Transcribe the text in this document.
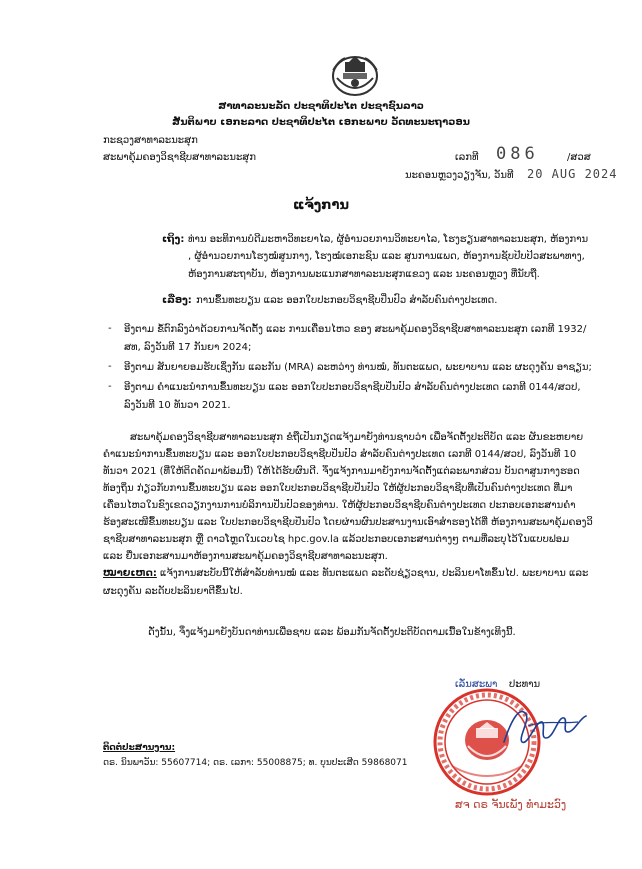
ສາທາລະນະລັດ ປະຊາທິປະໄຕ ປະຊາຊົນລາວ
ສັນຕິພາບ ເອກະລາດ ປະຊາທິປະໄຕ ເອກະພາບ ວັດທະນະຖາວອນ
ກະຊວງສາທາລະນະສຸກ
ສະພາຄຸ້ມຄອງວິຊາຊີບສາທາລະນະສຸກ	ເລກທີ 086	/ສວສ
ນະຄອນຫຼວງວຽງຈັນ, ວັນທີ 20 AUG 2024
ແຈ້ງການ
ເຖິງ: ທ່ານ ອະທິການບໍດີມະຫາວິທະຍາໄລ, ຜູ້ອໍານວຍການວິທະຍາໄລ, ໂຮງຮຽນສາທາລະນະສຸກ, ຫ້ອງການ
, ຜູ້ອໍານວຍການໂຮງໝໍສູນກາງ, ໂຮງໝໍເອກະຊົນ ແລະ ສູນການແພດ, ຫ້ອງການຊັບປີບປິວສະພາທາງ,
ຫ້ອງການສະຖາບັນ, ຫ້ອງການພະແນກສາທາລະນະສຸກແຂວງ ແລະ ນະຄອນຫຼວງ ທີ່ນັບຖື.
ເລື່ອງ: ການຂຶ້ນທະບຽນ ແລະ ອອກໃບປະກອບວິຊາຊີບປິ່ນປົວ ສໍາລັບຄົນຕ່າງປະເທດ.
- ອີງຕາມ ຂໍ້ຕົກລົງວ່າດ້ວຍການຈັດຕັ້ງ ແລະ ການເຄື່ອນໄຫວ ຂອງ ສະພາຄຸ້ມຄອງວິຊາຊີບສາທາລະນະສຸກ ເລກທີ 1932/
ສທ, ລົງວັນທີ 17 ກັນຍາ 2024;
- ອີງຕາມ ສັນຍາຍອມຮັບເຊິ່ງກັນ ແລະກັນ (MRA) ລະຫວ່າງ ທ່ານໝໍ, ທັນຕະແພດ, ພະຍາບານ ແລະ ຜະດຸງຄັນ ອາຊຽນ;
- ອີງຕາມ ຄໍາແນະນໍາການຂຶ້ນທະບຽນ ແລະ ອອກໃບປະກອບວິຊາຊີບປິ່ນປົວ ສໍາລັບຄົນຕ່າງປະເທດ ເລກທີ 0144/ສວປ,
ລົງວັນທີ 10 ທັນວາ 2021.
ສະພາຄຸ້ມຄອງວິຊາຊີບສາທາລະນະສຸກ ຂໍຖືເປັນກຽດແຈ້ງມາຍັງທ່ານຊາບວ່າ ເພື່ອຈັດຕັ້ງປະຕິບັດ ແລະ ຜັນຂະຫຍາຍ
ຄໍາແນະນໍາການຂຶ້ນທະບຽນ ແລະ ອອກໃບປະກອບວິຊາຊີບປິ່ນປົວ ສໍາລັບຄົນຕ່າງປະເທດ ເລກທີ 0144/ສວປ, ລົງວັນທີ 10
ທັນວາ 2021 (ທີ່ໃຫ້ຕິດຄັດມາພ້ອມນີ້) ໃຫ້ໄດ້ຮັບຜົນດີ. ຈຶ່ງແຈ້ງການມາຍັງການຈັດຕັ້ງແຕ່ລະພາກສ່ວນ ບັນດາສູນກາງຮອດ
ທ້ອງຖິ່ນ ກ່ຽວກັບການຂຶ້ນທະບຽນ ແລະ ອອກໃບປະກອບວິຊາຊີບປິ່ນປົວ ໃຫ້ຜູ້ປະກອບວິຊາຊີບທີ່ເປັນຄົນຕ່າງປະເທດ ທີ່ມາ
ເຄື່ອນໄຫວໃນຂົງເຂດວຽກງານການບໍລິການປິ່ນປົວຂອງທ່ານ. ໃຫ້ຜູ້ປະກອບວິຊາຊີບຄົນຕ່າງປະເທດ ປະກອບເອກະສານຄໍາ
ຮ້ອງສະເໜີຂຶ້ນທະບຽນ ແລະ ໃບປະກອບວິຊາຊີບປິ່ນປົວ ໂດຍຜ່ານຜົນປະສານງານເອົາສໍາຮອງໄດ້ທີ່ ຫ້ອງການສະພາຄຸ້ມຄອງວິ
ຊາຊີບສາທາລະນະສຸກ ຫຼື ດາວໂຫຼດໃນເວບໄຊ hpc.gov.la ແລ້ວປະກອບເອກະສານຕ່າງໆ ຕາມທີ່ລະບຸໄວ້ໃນແບບຟອມ
ແລະ ຍື່ນເອກະສານມາຫ້ອງການສະພາຄຸ້ມຄອງວິຊາຊີບສາທາລະນະສຸກ.
ໝາຍເຫດ: ແຈ້ງການສະບັບນີ້ໃຫ້ສໍາລັບທ່ານໝໍ ແລະ ທັນຕະແພດ ລະດັບຊ່ຽວຊານ, ປະລິນຍາໂທຂຶ້ນໄປ. ພະຍາບານ ແລະ
ຜະດຸງຄັນ ລະດັບປະລິນຍາຕີຂຶ້ນໄປ.
ດັ່ງນັ້ນ, ຈຶ່ງແຈ້ງມາຍັງບັນດາທ່ານເພື່ອຊາບ ແລະ ພ້ອມກັນຈັດຕັ້ງປະຕິບັດຕາມເນື້ອໃນຂ້າງເທິງນີ້.
ເລັ່ນສະພາ ປະທານ
ສຈ ດຣ ຈັນເພັງ ທຳມະວົງ
ຕິດຕໍ່ປະສານງານ:
ດຣ. ນິນພາວັນ: 55607714; ດຣ. ເລກາ: 55008875; ທ. ບຸນປະເສີດ 59868071
